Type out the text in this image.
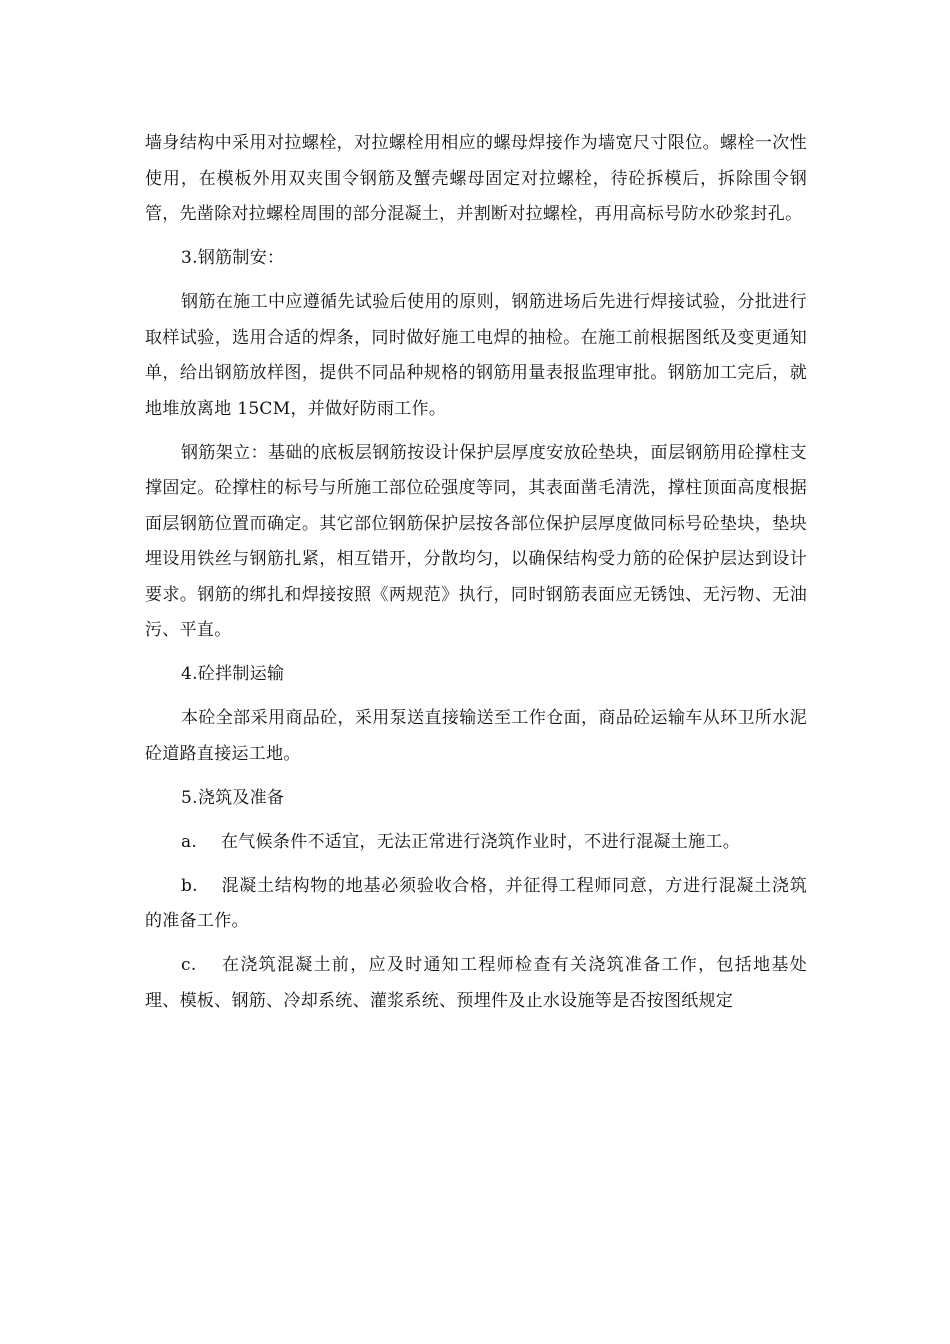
墙身结构中采用对拉螺栓，对拉螺栓用相应的螺母焊接作为墙宽尺寸限位。螺栓一次性使用，在模板外用双夹围令钢筋及蟹壳螺母固定对拉螺栓，待砼拆模后，拆除围令钢管，先凿除对拉螺栓周围的部分混凝土，并割断对拉螺栓，再用高标号防水砂浆封孔。

3.钢筋制安：

钢筋在施工中应遵循先试验后使用的原则，钢筋进场后先进行焊接试验，分批进行取样试验，选用合适的焊条，同时做好施工电焊的抽检。在施工前根据图纸及变更通知单，给出钢筋放样图，提供不同品种规格的钢筋用量表报监理审批。钢筋加工完后，就地堆放离地 15CM，并做好防雨工作。

钢筋架立：基础的底板层钢筋按设计保护层厚度安放砼垫块，面层钢筋用砼撑柱支撑固定。砼撑柱的标号与所施工部位砼强度等同，其表面凿毛清洗，撑柱顶面高度根据面层钢筋位置而确定。其它部位钢筋保护层按各部位保护层厚度做同标号砼垫块，垫块埋设用铁丝与钢筋扎紧，相互错开，分散均匀，以确保结构受力筋的砼保护层达到设计要求。钢筋的绑扎和焊接按照《两规范》执行，同时钢筋表面应无锈蚀、无污物、无油污、平直。

4.砼拌制运输

本砼全部采用商品砼，采用泵送直接输送至工作仓面，商品砼运输车从环卫所水泥砼道路直接运工地。

5.浇筑及准备

a. 在气候条件不适宜，无法正常进行浇筑作业时，不进行混凝土施工。

b. 混凝土结构物的地基必须验收合格，并征得工程师同意，方进行混凝土浇筑的准备工作。

c. 在浇筑混凝土前，应及时通知工程师检查有关浇筑准备工作，包括地基处理、模板、钢筋、冷却系统、灌浆系统、预埋件及止水设施等是否按图纸规定
